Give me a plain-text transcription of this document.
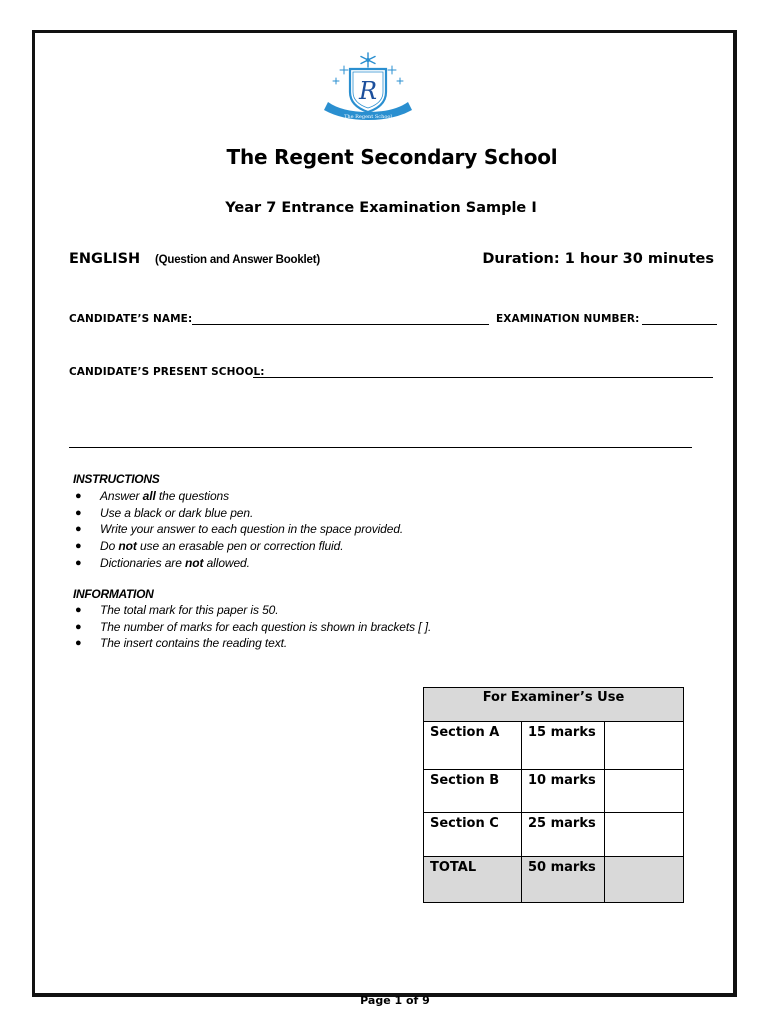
R
The Regent School
The Regent Secondary School
Year 7 Entrance Examination Sample I
ENGLISH (Question and Answer Booklet)	Duration: 1 hour 30 minutes
CANDIDATE’S NAME:	EXAMINATION NUMBER:
CANDIDATE’S PRESENT SCHOOL:
INSTRUCTIONS
● Answer all the questions
● Use a black or dark blue pen.
● Write your answer to each question in the space provided.
● Do not use an erasable pen or correction fluid.
● Dictionaries are not allowed.
INFORMATION
● The total mark for this paper is 50.
● The number of marks for each question is shown in brackets [ ].
● The insert contains the reading text.
For Examiner’s Use		
Section A	15 marks	
Section B	10 marks	
Section C	25 marks	
TOTAL	50 marks	
Page 1 of 9
